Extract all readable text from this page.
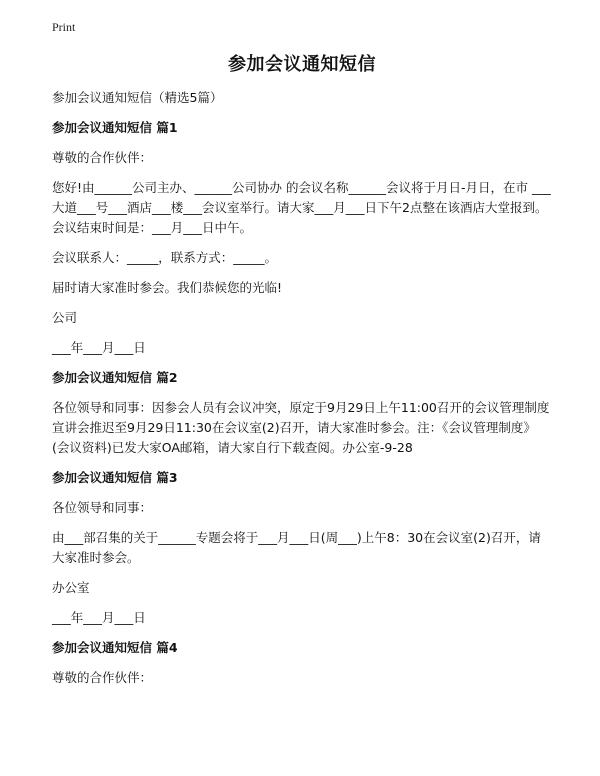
Print
参加会议通知短信
参加会议通知短信（精选5篇）
参加会议通知短信 篇1
尊敬的合作伙伴：
您好!由______公司主办、______公司协办 的会议名称______会议将于月日-月日，在市 ___大道___号___酒店___楼___会议室举行。请大家___月___日下午2点整在该酒店大堂报到。会议结束时间是：___月___日中午。
会议联系人：_____，联系方式：_____。
届时请大家准时参会。我们恭候您的光临!
公司
___年___月___日
参加会议通知短信 篇2
各位领导和同事：因参会人员有会议冲突，原定于9月29日上午11:00召开的会议管理制度宣讲会推迟至9月29日11:30在会议室(2)召开，请大家准时参会。注：《会议管理制度》(会议资料)已发大家OA邮箱，请大家自行下载查阅。办公室-9-28
参加会议通知短信 篇3
各位领导和同事：
由___部召集的关于______专题会将于___月___日(周___)上午8：30在会议室(2)召开，请大家准时参会。
办公室
___年___月___日
参加会议通知短信 篇4
尊敬的合作伙伴：
